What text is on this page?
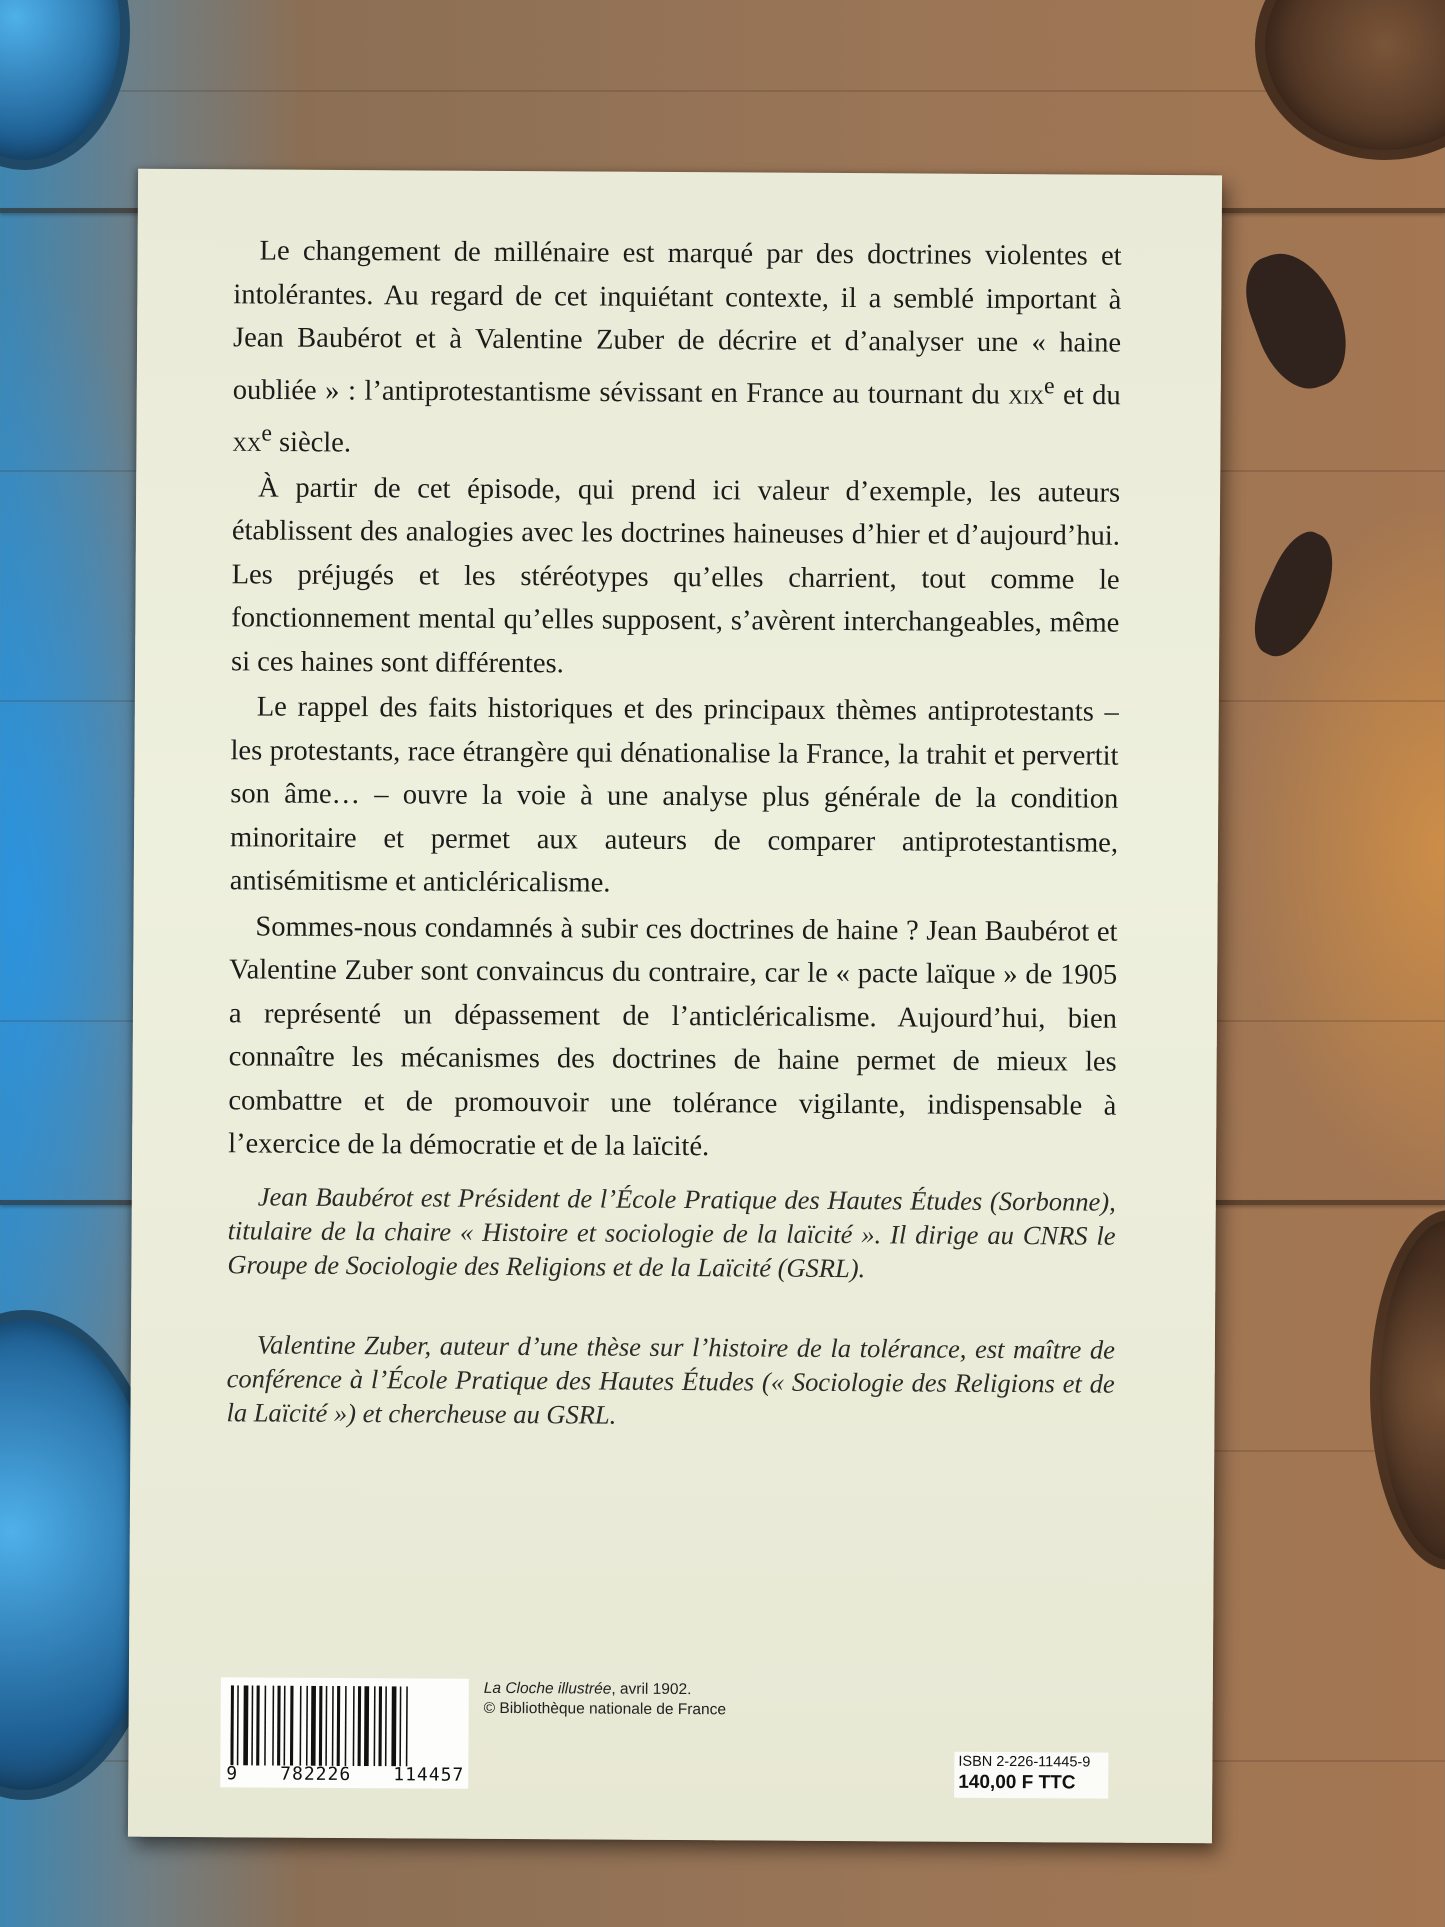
Le changement de millénaire est marqué par des doctrines violentes et intolérantes. Au regard de cet inquiétant contexte, il a semblé important à Jean Baubérot et à Valentine Zuber de décrire et d’analyser une « haine oubliée » : l’antiprotestantisme sévissant en France au tournant du xix$^e$ et du $xx^e$ siècle.

À partir de cet épisode, qui prend ici valeur d’exemple, les auteurs établissent des analogies avec les doctrines haineuses d’hier et d’aujourd’hui. Les préjugés et les stéréotypes qu’elles charrient, tout comme le fonctionnement mental qu’elles supposent, s’avèrent interchangeables, même si ces haines sont différentes.

Le rappel des faits historiques et des principaux thèmes antiprotestants – les protestants, race étrangère qui dénationalise la France, la trahit et pervertit son âme… – ouvre la voie à une analyse plus générale de la condition minoritaire et permet aux auteurs de comparer antiprotestantisme, antisémitisme et anticléricalisme.

Sommes-nous condamnés à subir ces doctrines de haine ? Jean Baubérot et Valentine Zuber sont convaincus du contraire, car le « pacte laïque » de 1905 a représenté un dépassement de l’anticléricalisme. Aujourd’hui, bien connaître les mécanismes des doctrines de haine permet de mieux les combattre et de promouvoir une tolérance vigilante, indispensable à l’exercice de la démocratie et de la laïcité.

Jean Baubérot est Président de l’École Pratique des Hautes Études (Sorbonne), titulaire de la chaire « Histoire et sociologie de la laïcité ». Il dirige au CNRS le Groupe de Sociologie des Religions et de la Laïcité (GSRL).

Valentine Zuber, auteur d’une thèse sur l’histoire de la tolérance, est maître de conférence à l’École Pratique des Hautes Études (« Sociologie des Religions et de la Laïcité ») et chercheuse au GSRL.

9 782226 114457
La Cloche illustrée, avril 1902.
© Bibliothèque nationale de France
ISBN 2-226-11445-9
140,00 F TTC
